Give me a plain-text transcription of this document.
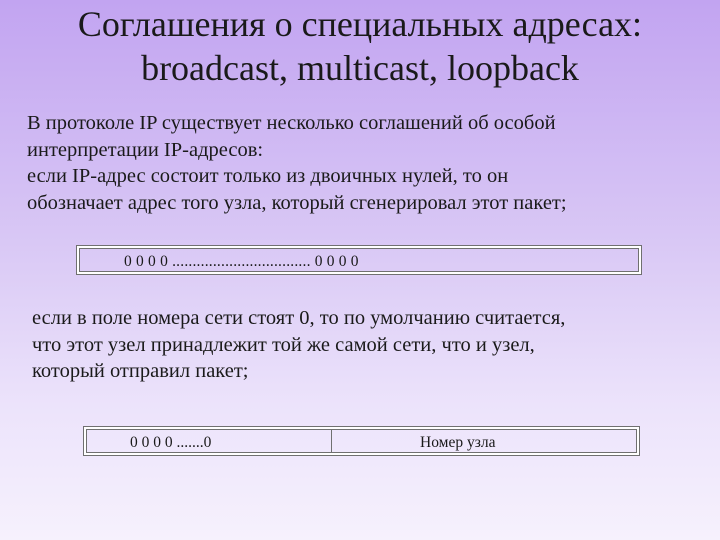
Соглашения о специальных адресах:
broadcast, multicast, loopback
В протоколе IP существует несколько соглашений об особой
интерпретации IP-адресов:
если IP-адрес состоит только из двоичных нулей, то он
обозначает адрес того узла, который сгенерировал этот пакет;
0 0 0 0 .................................. 0 0 0 0
если в поле номера сети стоят 0, то по умолчанию считается,
что этот узел принадлежит той же самой сети, что и узел,
который отправил пакет;
0 0 0 0 .......0	Номер узла
